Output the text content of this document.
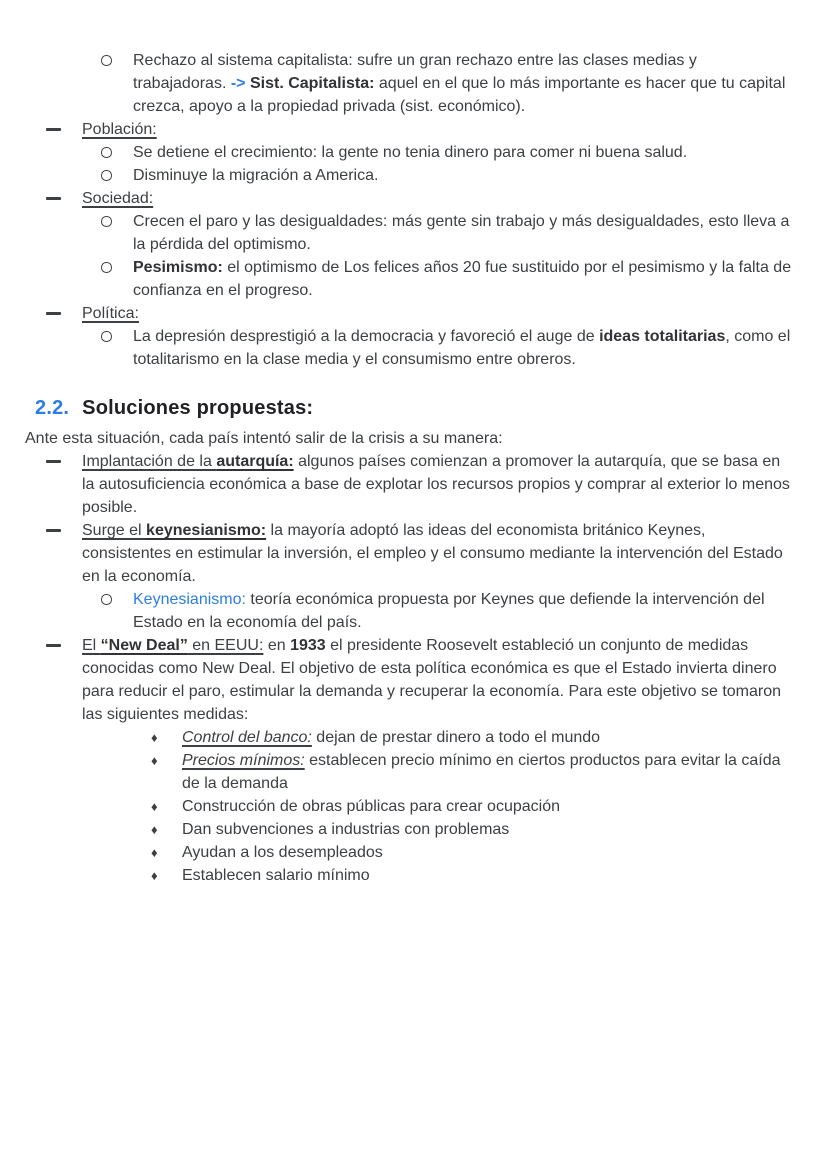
Rechazo al sistema capitalista: sufre un gran rechazo entre las clases medias y trabajadoras. -> Sist. Capitalista: aquel en el que lo más importante es hacer que tu capital crezca, apoyo a la propiedad privada (sist. económico).
Población:
Se detiene el crecimiento: la gente no tenia dinero para comer ni buena salud.
Disminuye la migración a America.
Sociedad:
Crecen el paro y las desigualdades: más gente sin trabajo y más desigualdades, esto lleva a la pérdida del optimismo.
Pesimismo: el optimismo de Los felices años 20 fue sustituido por el pesimismo y la falta de confianza en el progreso.
Política:
La depresión desprestigió a la democracia y favoreció el auge de ideas totalitarias, como el totalitarismo en la clase media y el consumismo entre obreros.
2.2. Soluciones propuestas:
Ante esta situación, cada país intentó salir de la crisis a su manera:
Implantación de la autarquía: algunos países comienzan a promover la autarquía, que se basa en la autosuficiencia económica a base de explotar los recursos propios y comprar al exterior lo menos posible.
Surge el keynesianismo: la mayoría adoptó las ideas del economista británico Keynes, consistentes en estimular la inversión, el empleo y el consumo mediante la intervención del Estado en la economía.
Keynesianismo: teoría económica propuesta por Keynes que defiende la intervención del Estado en la economía del país.
El “New Deal” en EEUU: en 1933 el presidente Roosevelt estableció un conjunto de medidas conocidas como New Deal. El objetivo de esta política económica es que el Estado invierta dinero para reducir el paro, estimular la demanda y recuperar la economía. Para este objetivo se tomaron las siguientes medidas:
♦ Control del banco: dejan de prestar dinero a todo el mundo
♦ Precios mínimos: establecen precio mínimo en ciertos productos para evitar la caída de la demanda
♦ Construcción de obras públicas para crear ocupación
♦ Dan subvenciones a industrias con problemas
♦ Ayudan a los desempleados
♦ Establecen salario mínimo
